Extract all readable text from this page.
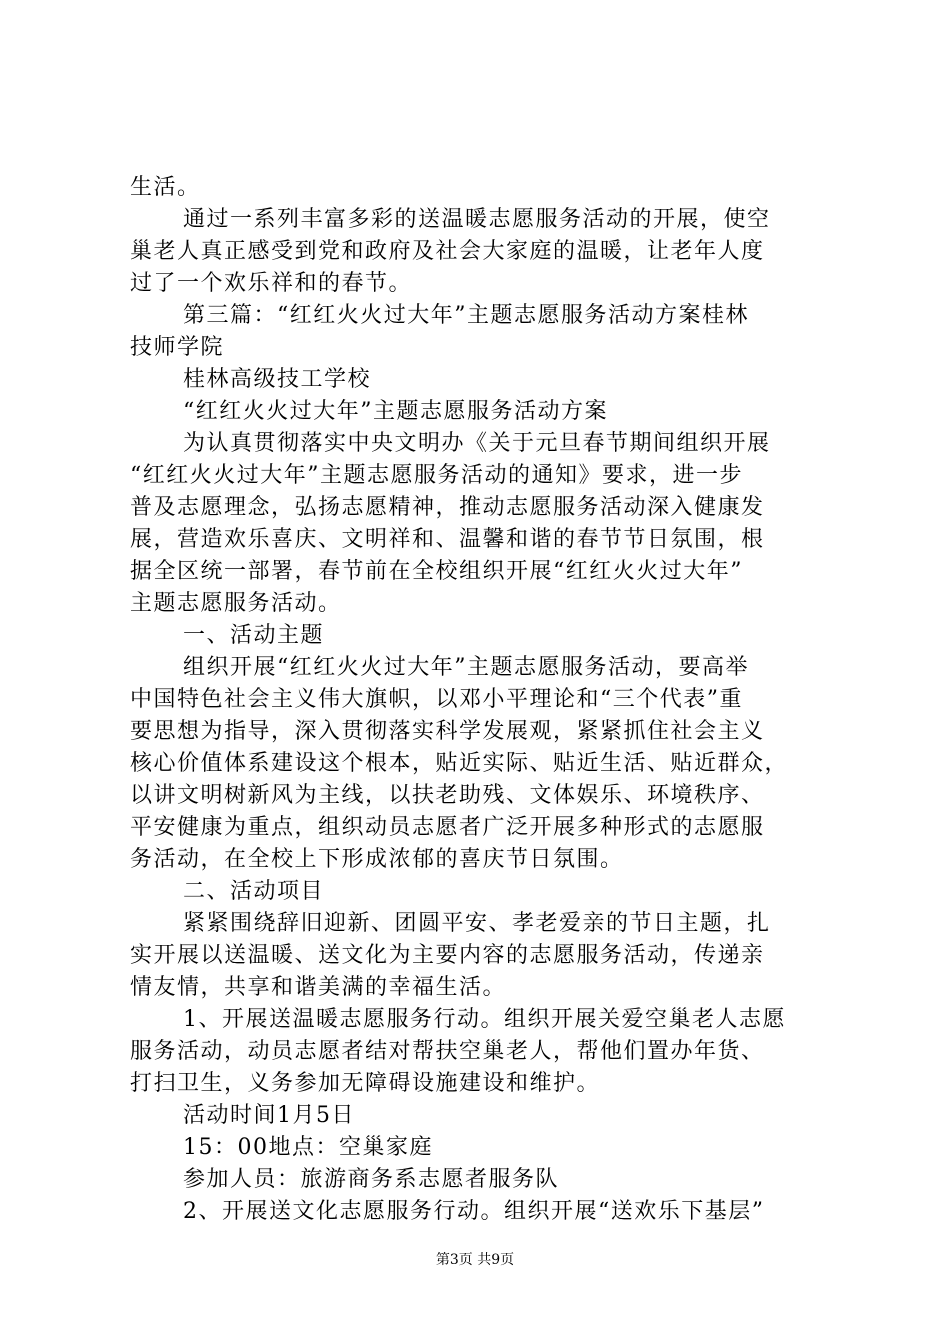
生活。
通过一系列丰富多彩的送温暖志愿服务活动的开展，使空
巢老人真正感受到党和政府及社会大家庭的温暖，让老年人度
过了一个欢乐祥和的春节。
第三篇：“红红火火过大年”主题志愿服务活动方案桂林
技师学院
桂林高级技工学校
“红红火火过大年”主题志愿服务活动方案
为认真贯彻落实中央文明办《关于元旦春节期间组织开展
“红红火火过大年”主题志愿服务活动的通知》要求，进一步
普及志愿理念，弘扬志愿精神，推动志愿服务活动深入健康发
展，营造欢乐喜庆、文明祥和、温馨和谐的春节节日氛围，根
据全区统一部署，春节前在全校组织开展“红红火火过大年”
主题志愿服务活动。
一、活动主题
组织开展“红红火火过大年”主题志愿服务活动，要高举
中国特色社会主义伟大旗帜，以邓小平理论和“三个代表”重
要思想为指导，深入贯彻落实科学发展观，紧紧抓住社会主义
核心价值体系建设这个根本，贴近实际、贴近生活、贴近群众，
以讲文明树新风为主线，以扶老助残、文体娱乐、环境秩序、
平安健康为重点，组织动员志愿者广泛开展多种形式的志愿服
务活动，在全校上下形成浓郁的喜庆节日氛围。
二、活动项目
紧紧围绕辞旧迎新、团圆平安、孝老爱亲的节日主题，扎
实开展以送温暖、送文化为主要内容的志愿服务活动，传递亲
情友情，共享和谐美满的幸福生活。
1、开展送温暖志愿服务行动。组织开展关爱空巢老人志愿
服务活动，动员志愿者结对帮扶空巢老人，帮他们置办年货、
打扫卫生，义务参加无障碍设施建设和维护。
活动时间1月5日
15：00地点：空巢家庭
参加人员：旅游商务系志愿者服务队
2、开展送文化志愿服务行动。组织开展“送欢乐下基层”
第3页 共9页
